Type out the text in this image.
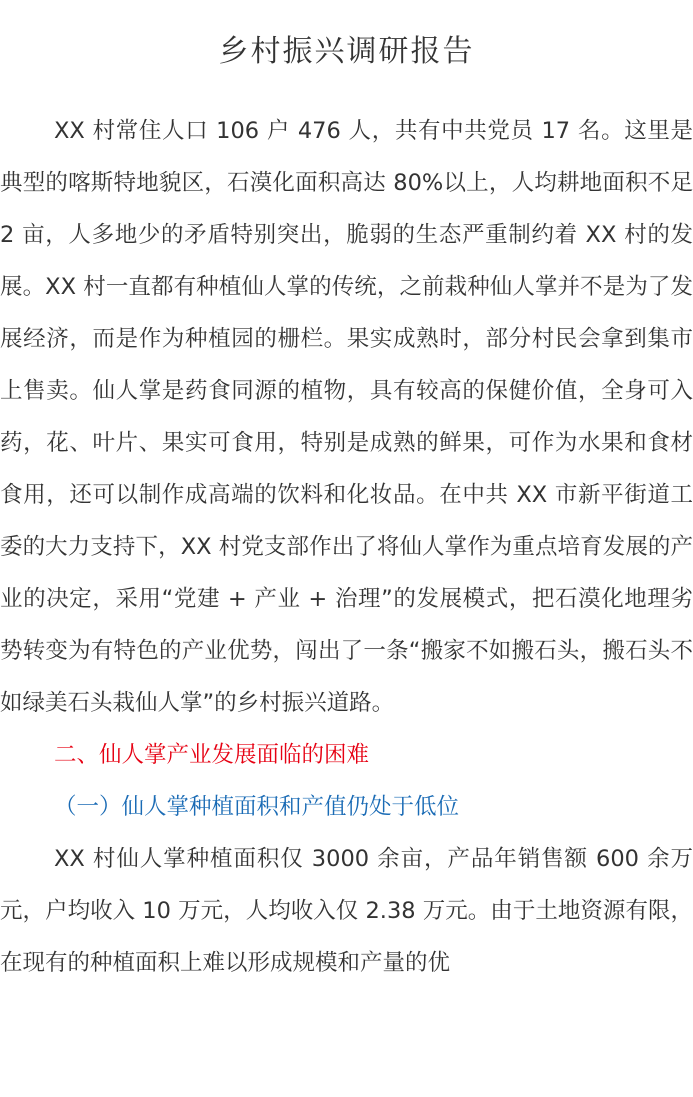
乡村振兴调研报告

XX 村常住人口 106 户 476 人，共有中共党员 17 名。这里是典型的喀斯特地貌区，石漠化面积高达 80%以上，人均耕地面积不足 2 亩，人多地少的矛盾特别突出，脆弱的生态严重制约着 XX 村的发展。XX 村一直都有种植仙人掌的传统，之前栽种仙人掌并不是为了发展经济，而是作为种植园的栅栏。果实成熟时，部分村民会拿到集市上售卖。仙人掌是药食同源的植物，具有较高的保健价值，全身可入药，花、叶片、果实可食用，特别是成熟的鲜果，可作为水果和食材食用，还可以制作成高端的饮料和化妆品。在中共 XX 市新平街道工委的大力支持下，XX 村党支部作出了将仙人掌作为重点培育发展的产业的决定，采用“党建 + 产业 + 治理”的发展模式，把石漠化地理劣势转变为有特色的产业优势，闯出了一条“搬家不如搬石头，搬石头不如绿美石头栽仙人掌”的乡村振兴道路。

二、仙人掌产业发展面临的困难

（一）仙人掌种植面积和产值仍处于低位

XX 村仙人掌种植面积仅 3000 余亩，产品年销售额 600 余万元，户均收入 10 万元，人均收入仅 2.38 万元。由于土地资源有限，在现有的种植面积上难以形成规模和产量的优
